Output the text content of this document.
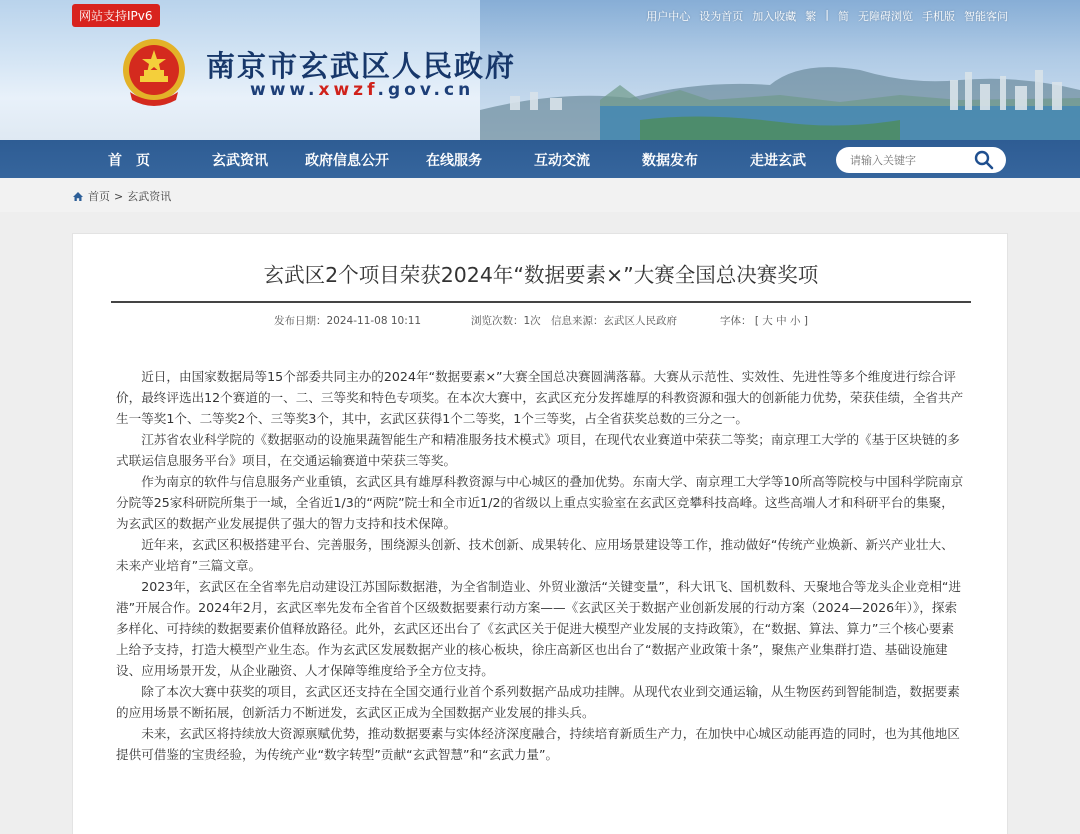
网站支持IPv6	用户中心 设为首页 加入收藏 繁 | 简 无障碍浏览 手机版 智能客问
南京市玄武区人民政府
www.xwzf.gov.cn
首　页	玄武资讯	政府信息公开	在线服务	互动交流	数据发布	走进玄武
请输入关键字
首页 > 玄武资讯
玄武区2个项目荣获2024年“数据要素×”大赛全国总决赛奖项
发布日期：2024-11-08 10:11	浏览次数：1次 信息来源：玄武区人民政府	字体： [ 大 中 小 ]

近日，由国家数据局等15个部委共同主办的2024年“数据要素×”大赛全国总决赛圆满落幕。大赛从示范性、实效性、先进性等多个维度进行综合评价，最终评选出12个赛道的一、二、三等奖和特色专项奖。在本次大赛中，玄武区充分发挥雄厚的科教资源和强大的创新能力优势，荣获佳绩，全省共产生一等奖1个、二等奖2个、三等奖3个，其中，玄武区获得1个二等奖，1个三等奖，占全省获奖总数的三分之一。

江苏省农业科学院的《数据驱动的设施果蔬智能生产和精准服务技术模式》项目，在现代农业赛道中荣获二等奖；南京理工大学的《基于区块链的多式联运信息服务平台》项目，在交通运输赛道中荣获三等奖。

作为南京的软件与信息服务产业重镇，玄武区具有雄厚科教资源与中心城区的叠加优势。东南大学、南京理工大学等10所高等院校与中国科学院南京分院等25家科研院所集于一域，全省近1/3的“两院”院士和全市近1/2的省级以上重点实验室在玄武区竞攀科技高峰。这些高端人才和科研平台的集聚，为玄武区的数据产业发展提供了强大的智力支持和技术保障。

近年来，玄武区积极搭建平台、完善服务，围绕源头创新、技术创新、成果转化、应用场景建设等工作，推动做好“传统产业焕新、新兴产业壮大、未来产业培育”三篇文章。

2023年，玄武区在全省率先启动建设江苏国际数据港，为全省制造业、外贸业激活“关键变量”，科大讯飞、国机数科、天聚地合等龙头企业竞相“进港”开展合作。2024年2月，玄武区率先发布全省首个区级数据要素行动方案——《玄武区关于数据产业创新发展的行动方案（2024—2026年）》，探索多样化、可持续的数据要素价值释放路径。此外，玄武区还出台了《玄武区关于促进大模型产业发展的支持政策》，在“数据、算法、算力”三个核心要素上给予支持，打造大模型产业生态。作为玄武区发展数据产业的核心板块，徐庄高新区也出台了“数据产业政策十条”，聚焦产业集群打造、基础设施建设、应用场景开发，从企业融资、人才保障等维度给予全方位支持。

除了本次大赛中获奖的项目，玄武区还支持在全国交通行业首个系列数据产品成功挂牌。从现代农业到交通运输，从生物医药到智能制造，数据要素的应用场景不断拓展，创新活力不断迸发，玄武区正成为全国数据产业发展的排头兵。

未来，玄武区将持续放大资源禀赋优势，推动数据要素与实体经济深度融合，持续培育新质生产力，在加快中心城区动能再造的同时，也为其他地区提供可借鉴的宝贵经验，为传统产业“数字转型”贡献“玄武智慧”和“玄武力量”。
